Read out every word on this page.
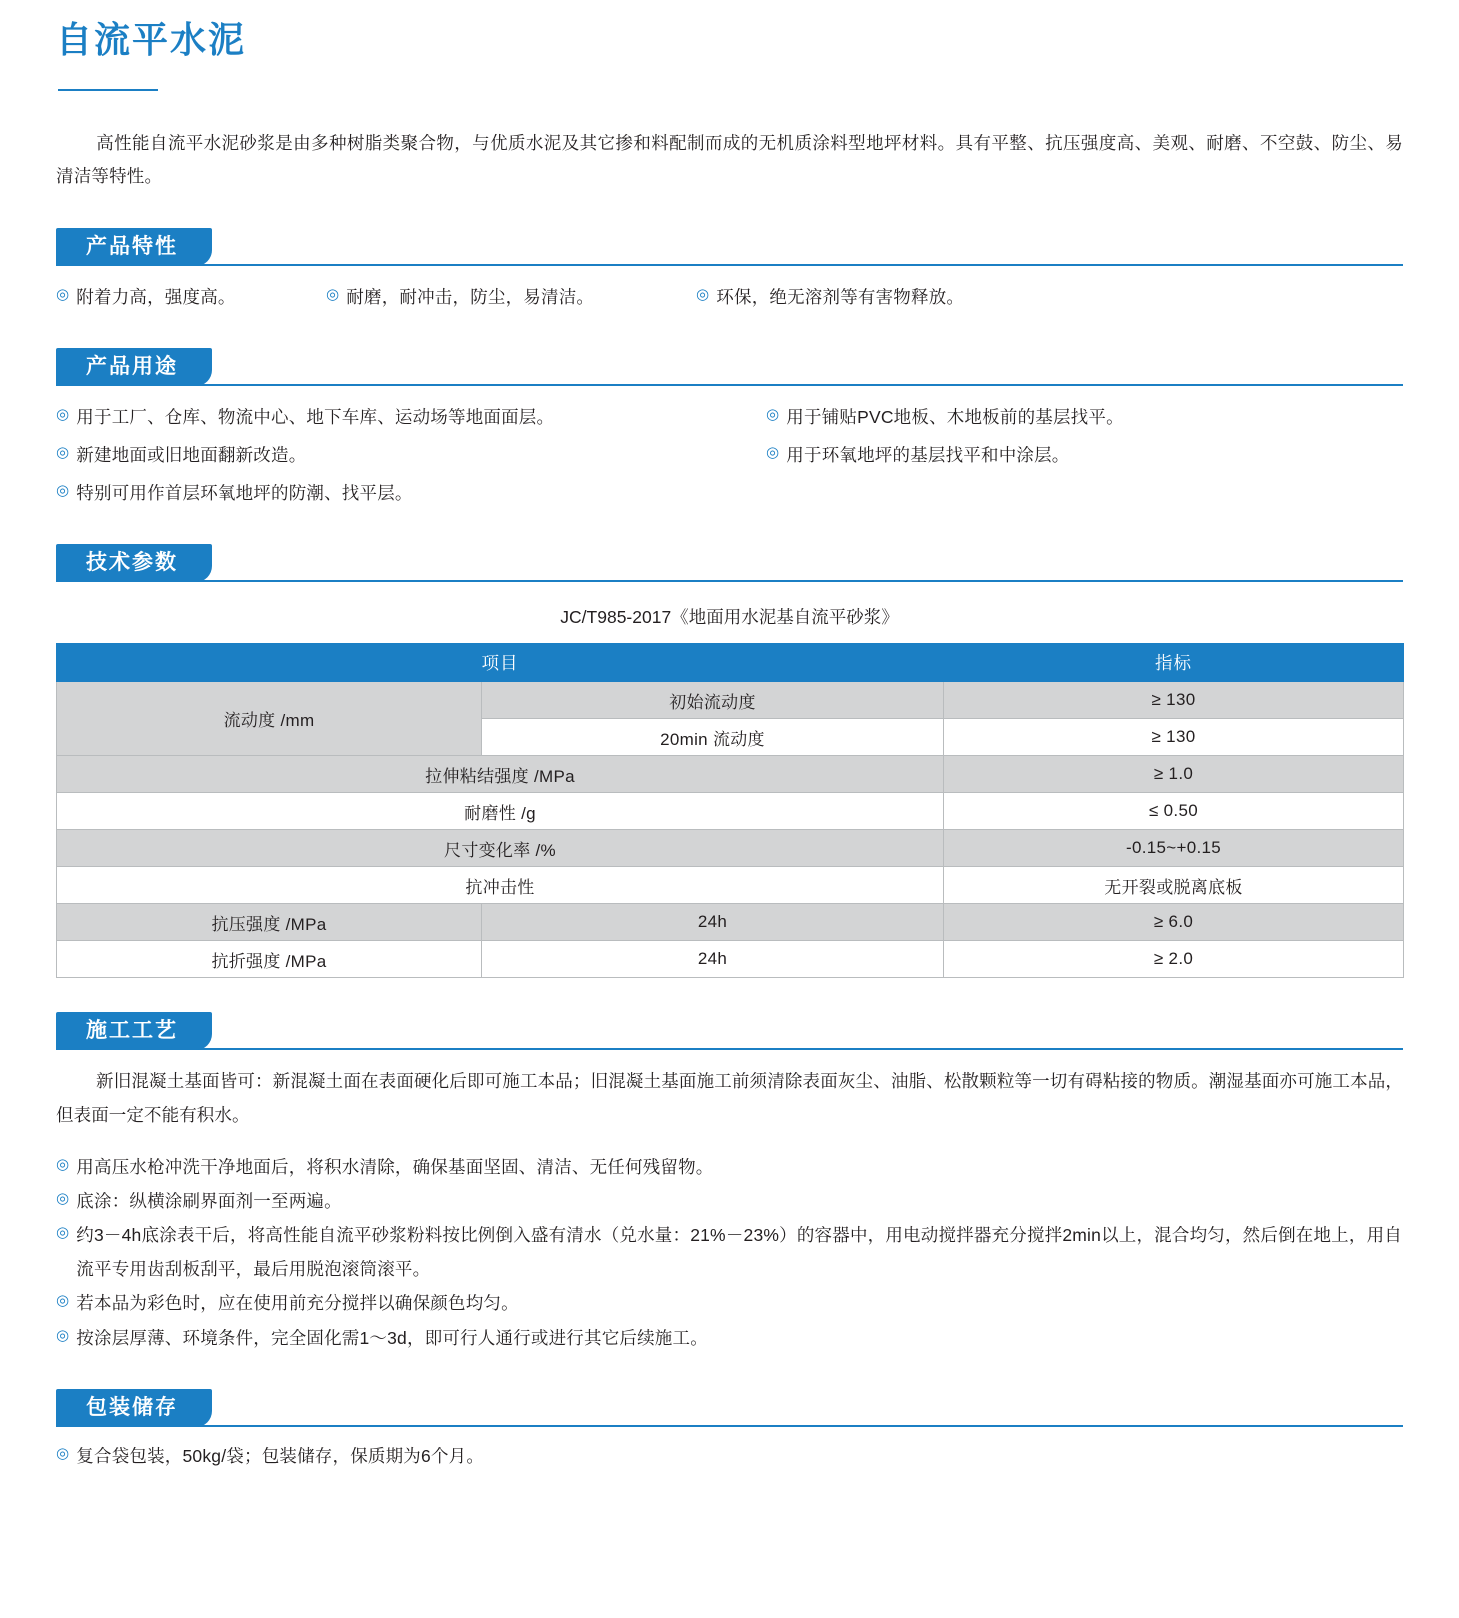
自流平水泥

高性能自流平水泥砂浆是由多种树脂类聚合物，与优质水泥及其它掺和料配制而成的无机质涂料型地坪材料。具有平整、抗压强度高、美观、耐磨、不空鼓、防尘、易清洁等特性。

产品特性
◎ 附着力高，强度高。	◎ 耐磨，耐冲击，防尘，易清洁。	◎ 环保，绝无溶剂等有害物释放。
产品用途
◎ 用于工厂、仓库、物流中心、地下车库、运动场等地面面层。	◎ 用于铺贴PVC地板、木地板前的基层找平。
◎ 新建地面或旧地面翻新改造。	◎ 用于环氧地坪的基层找平和中涂层。
◎ 特别可用作首层环氧地坪的防潮、找平层。
技术参数
JC/T985-2017《地面用水泥基自流平砂浆》
项目		指标
流动度 /mm	初始流动度	≥ 130
	20min 流动度	≥ 130
拉伸粘结强度 /MPa		≥ 1.0
耐磨性 /g		≤ 0.50
尺寸变化率 /%		-0.15~+0.15
抗冲击性		无开裂或脱离底板
抗压强度 /MPa	24h	≥ 6.0
抗折强度 /MPa	24h	≥ 2.0
施工工艺

新旧混凝土基面皆可：新混凝土面在表面硬化后即可施工本品；旧混凝土基面施工前须清除表面灰尘、油脂、松散颗粒等一切有碍粘接的物质。潮湿基面亦可施工本品，但表面一定不能有积水。

◎ 用高压水枪冲洗干净地面后，将积水清除，确保基面坚固、清洁、无任何残留物。
◎ 底涂：纵横涂刷界面剂一至两遍。
◎ 约3－4h底涂表干后，将高性能自流平砂浆粉料按比例倒入盛有清水（兑水量：21%－23%）的容器中，用电动搅拌器充分搅拌2min以上，混合均匀，然后倒在地上，用自流平专用齿刮板刮平，最后用脱泡滚筒滚平。
◎ 若本品为彩色时，应在使用前充分搅拌以确保颜色均匀。
◎ 按涂层厚薄、环境条件，完全固化需1～3d，即可行人通行或进行其它后续施工。
包装储存
◎ 复合袋包装，50kg/袋；包装储存，保质期为6个月。
